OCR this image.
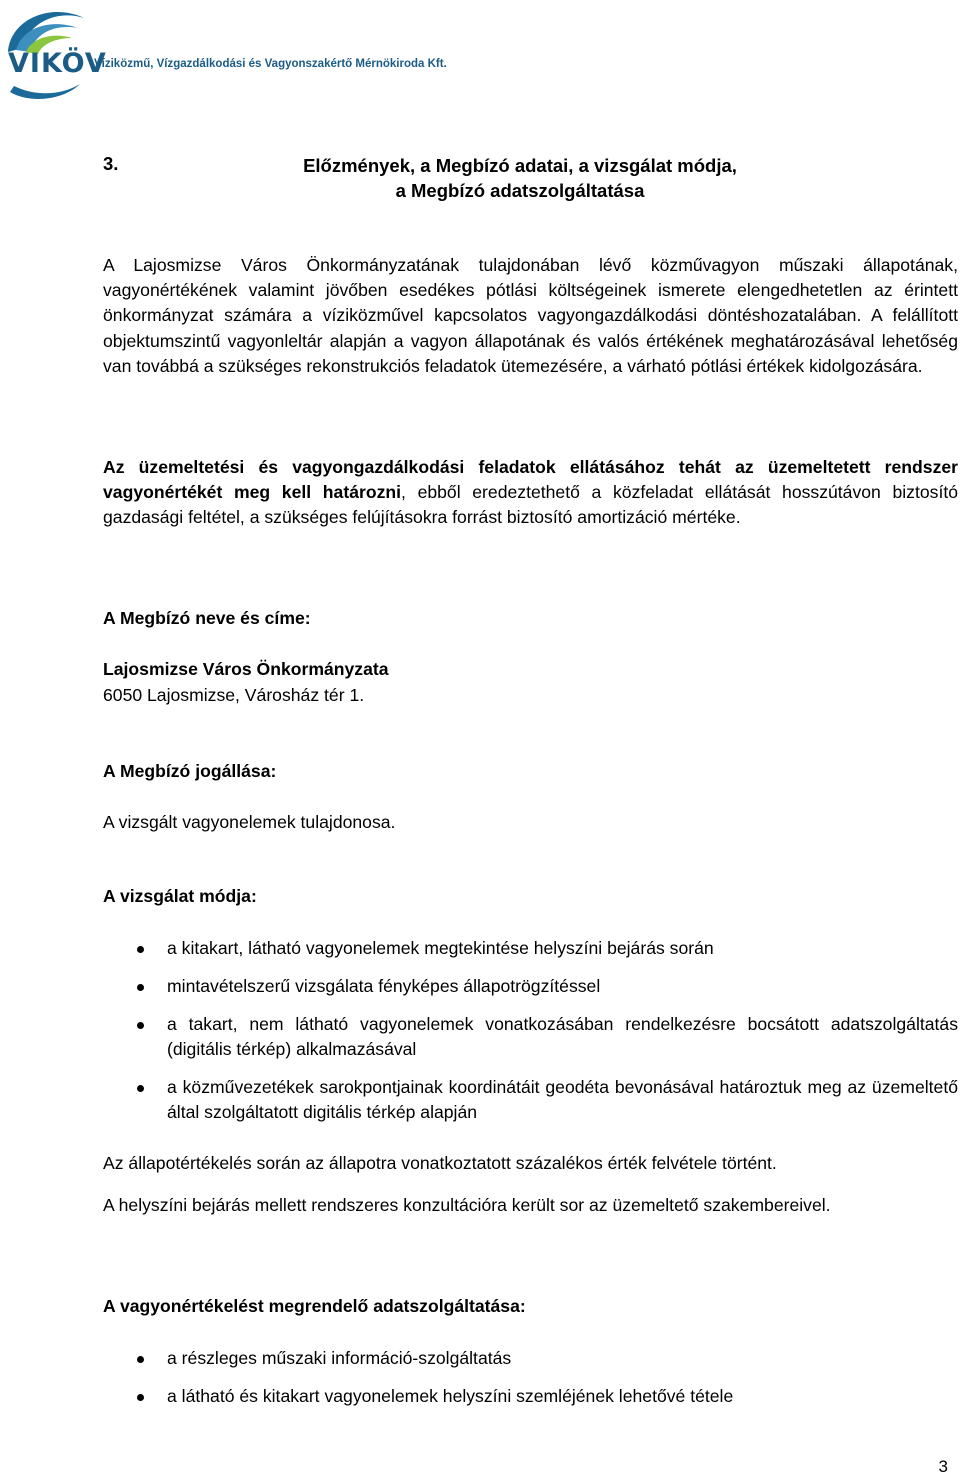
VIKÖV
Víziközmű, Vízgazdálkodási és Vagyonszakértő Mérnökiroda Kft.
3.	Előzmények, a Megbízó adatai, a vizsgálat módja,
a Megbízó adatszolgáltatása
A Lajosmizse Város Önkormányzatának tulajdonában lévő közművagyon műszaki állapotának, vagyonértékének valamint jövőben esedékes pótlási költségeinek ismerete elengedhetetlen az érintett önkormányzat számára a víziközművel kapcsolatos vagyongazdálkodási döntéshozatalában. A felállított objektumszintű vagyonleltár alapján a vagyon állapotának és valós értékének meghatározásával lehetőség van továbbá a szükséges rekonstrukciós feladatok ütemezésére, a várható pótlási értékek kidolgozására.
Az üzemeltetési és vagyongazdálkodási feladatok ellátásához tehát az üzemeltetett rendszer vagyonértékét meg kell határozni, ebből eredeztethető a közfeladat ellátását hosszútávon biztosító gazdasági feltétel, a szükséges felújításokra forrást biztosító amortizáció mértéke.
A Megbízó neve és címe:
Lajosmizse Város Önkormányzata
6050 Lajosmizse, Városház tér 1.
A Megbízó jogállása:
A vizsgált vagyonelemek tulajdonosa.
A vizsgálat módja:
a kitakart, látható vagyonelemek megtekintése helyszíni bejárás során
mintavételszerű vizsgálata fényképes állapotrögzítéssel
a takart, nem látható vagyonelemek vonatkozásában rendelkezésre bocsátott adatszolgáltatás (digitális térkép) alkalmazásával
a közművezetékek sarokpontjainak koordinátáit geodéta bevonásával határoztuk meg az üzemeltető által szolgáltatott digitális térkép alapján
Az állapotértékelés során az állapotra vonatkoztatott százalékos érték felvétele történt.
A helyszíni bejárás mellett rendszeres konzultációra került sor az üzemeltető szakembereivel.
A vagyonértékelést megrendelő adatszolgáltatása:
a részleges műszaki információ-szolgáltatás
a látható és kitakart vagyonelemek helyszíni szemléjének lehetővé tétele
3
